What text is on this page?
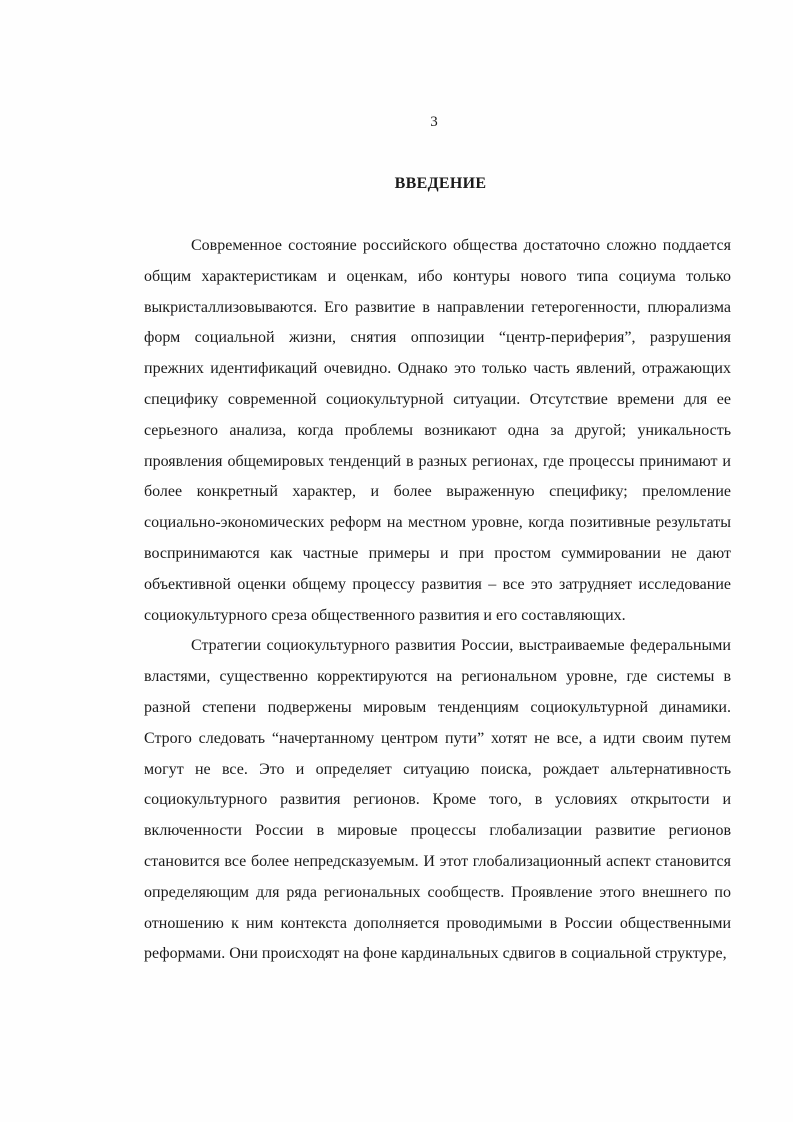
3
ВВЕДЕНИЕ

Современное состояние российского общества достаточно сложно поддается общим характеристикам и оценкам, ибо контуры нового типа социума только выкристаллизовываются. Его развитие в направлении гетерогенности, плюрализма форм социальной жизни, снятия оппозиции “центр-периферия”, разрушения прежних идентификаций очевидно. Однако это только часть явлений, отражающих специфику современной социокультурной ситуации. Отсутствие времени для ее серьезного анализа, когда проблемы возникают одна за другой; уникальность проявления общемировых тенденций в разных регионах, где процессы принимают и более конкретный характер, и более выраженную специфику; преломление социально-экономических реформ на местном уровне, когда позитивные результаты воспринимаются как частные примеры и при простом суммировании не дают объективной оценки общему процессу развития – все это затрудняет исследование социокультурного среза общественного развития и его составляющих.

Стратегии социокультурного развития России, выстраиваемые федеральными властями, существенно корректируются на региональном уровне, где системы в разной степени подвержены мировым тенденциям социокультурной динамики. Строго следовать “начертанному центром пути” хотят не все, а идти своим путем могут не все. Это и определяет ситуацию поиска, рождает альтернативность социокультурного развития регионов. Кроме того, в условиях открытости и включенности России в мировые процессы глобализации развитие регионов становится все более непредсказуемым. И этот глобализационный аспект становится определяющим для ряда региональных сообществ. Проявление этого внешнего по отношению к ним контекста дополняется проводимыми в России общественными реформами. Они происходят на фоне кардинальных сдвигов в социальной структуре,
